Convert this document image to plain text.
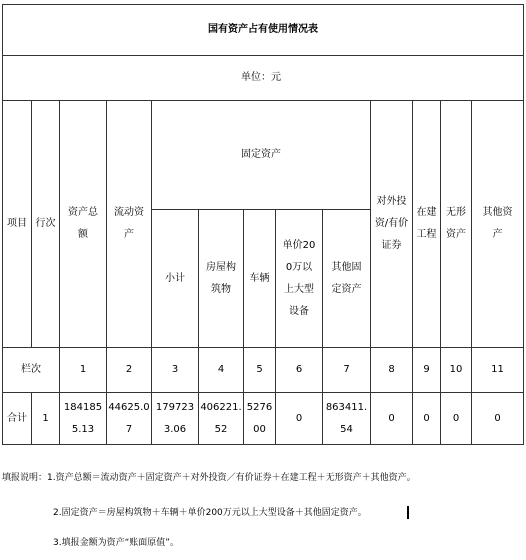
国有资产占有使用情况表												
单位：元												
项目	行次	资产总额	流动资产	固定资产					对外投资/有价证券	在建工程	无形资产	其他资产
				小计	房屋构筑物	车辆	单价200万以上大型设备	其他固定资产				
栏次		1	2	3	4	5	6	7	8	9	10	11
合计	1	1841855.13	44625.07	1797233.06	406221.52	527600	0	863411.54	0	0	0	0
填报说明：1.资产总额＝流动资产＋固定资产＋对外投资／有价证券＋在建工程＋无形资产＋其他资产。
2.固定资产＝房屋构筑物＋车辆＋单价200万元以上大型设备＋其他固定资产。
3.填报金额为资产“账面原值”。
